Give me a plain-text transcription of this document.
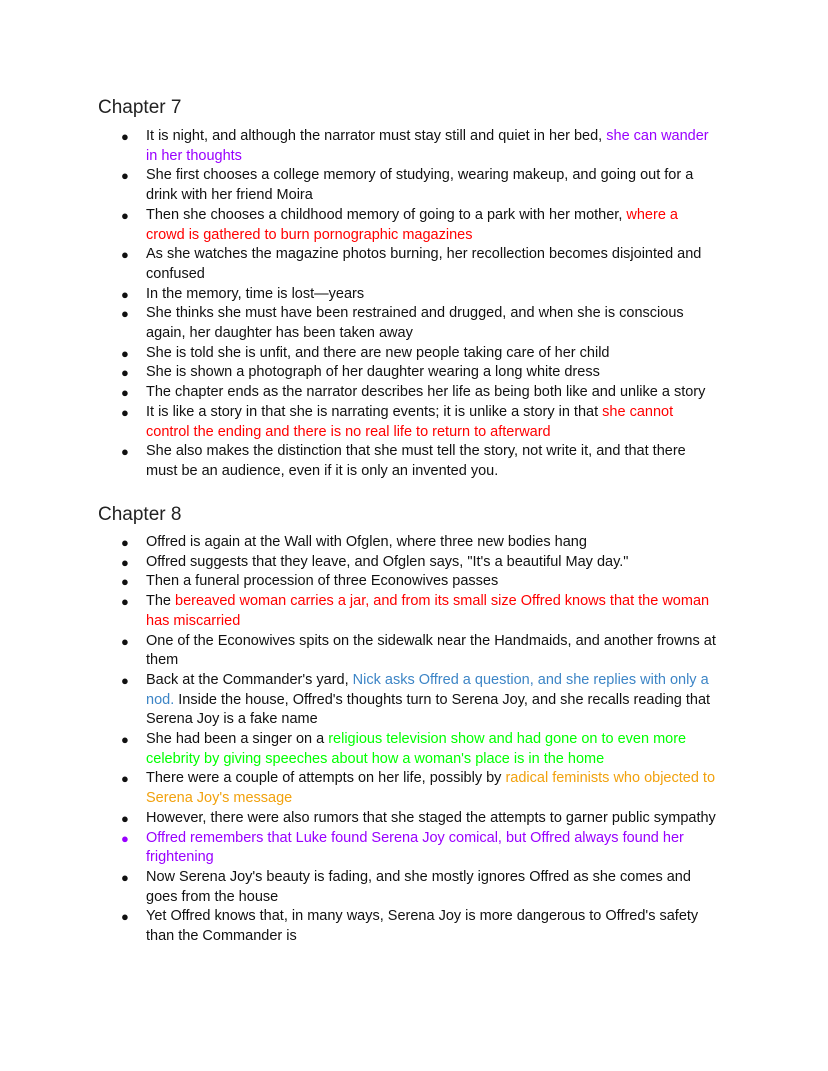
Chapter 7
● It is night, and although the narrator must stay still and quiet in her bed, she can wander
in her thoughts
● She first chooses a college memory of studying, wearing makeup, and going out for a
drink with her friend Moira
● Then she chooses a childhood memory of going to a park with her mother, where a
crowd is gathered to burn pornographic magazines
● As she watches the magazine photos burning, her recollection becomes disjointed and
confused
● In the memory, time is lost—years
● She thinks she must have been restrained and drugged, and when she is conscious
again, her daughter has been taken away
● She is told she is unfit, and there are new people taking care of her child
● She is shown a photograph of her daughter wearing a long white dress
● The chapter ends as the narrator describes her life as being both like and unlike a story
● It is like a story in that she is narrating events; it is unlike a story in that she cannot
control the ending and there is no real life to return to afterward
● She also makes the distinction that she must tell the story, not write it, and that there
must be an audience, even if it is only an invented you.
Chapter 8
● Offred is again at the Wall with Ofglen, where three new bodies hang
● Offred suggests that they leave, and Ofglen says, "It's a beautiful May day."
● Then a funeral procession of three Econowives passes
● The bereaved woman carries a jar, and from its small size Offred knows that the woman
has miscarried
● One of the Econowives spits on the sidewalk near the Handmaids, and another frowns at
them
● Back at the Commander's yard, Nick asks Offred a question, and she replies with only a
nod. Inside the house, Offred's thoughts turn to Serena Joy, and she recalls reading that
Serena Joy is a fake name
● She had been a singer on a religious television show and had gone on to even more
celebrity by giving speeches about how a woman's place is in the home
● There were a couple of attempts on her life, possibly by radical feminists who objected to
Serena Joy's message
● However, there were also rumors that she staged the attempts to garner public sympathy
● Offred remembers that Luke found Serena Joy comical, but Offred always found her
frightening
● Now Serena Joy's beauty is fading, and she mostly ignores Offred as she comes and
goes from the house
● Yet Offred knows that, in many ways, Serena Joy is more dangerous to Offred's safety
than the Commander is
